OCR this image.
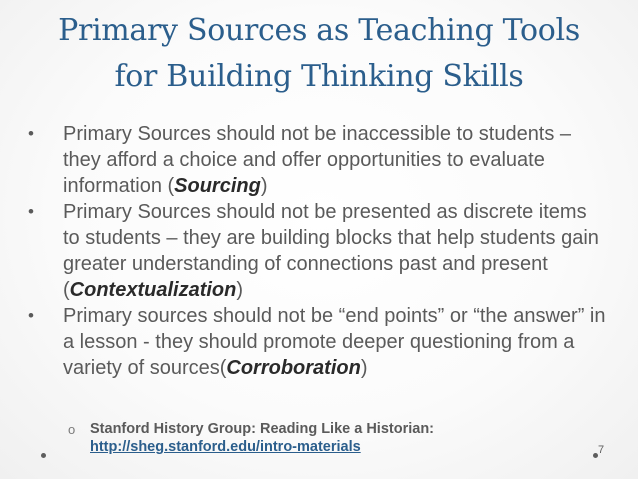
Primary Sources as Teaching Tools
for Building Thinking Skills
•	Primary Sources should not be inaccessible to students – they afford a choice and offer opportunities to evaluate information (Sourcing)
•	Primary Sources should not be presented as discrete items to students – they are building blocks that help students gain greater understanding of connections past and present (Contextualization)
•	Primary sources should not be “end points” or “the answer” in a lesson - they should promote deeper questioning from a variety of sources(Corroboration)
o Stanford History Group: Reading Like a Historian:
http://sheg.stanford.edu/intro-materials	7
